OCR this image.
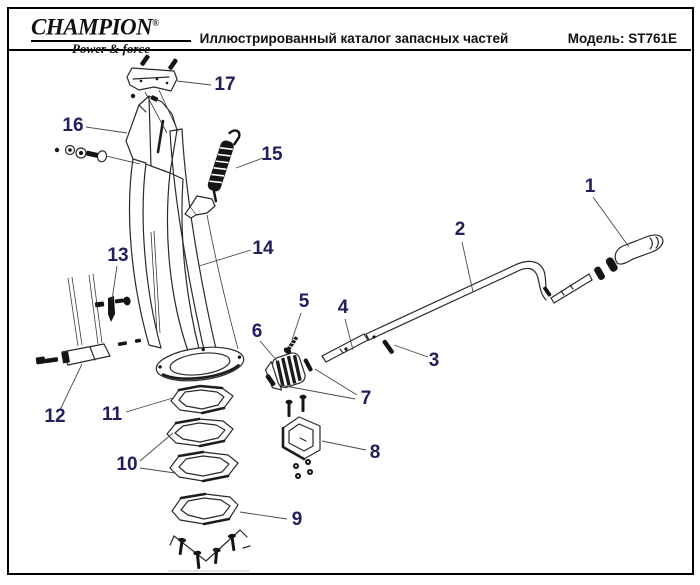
CHAMPION®
Power & force
Иллюстрированный каталог запасных частей	Модель: ST761E
1
2
3
4
5
6
7
8
9
10
11
12
13	14
15
16
17
